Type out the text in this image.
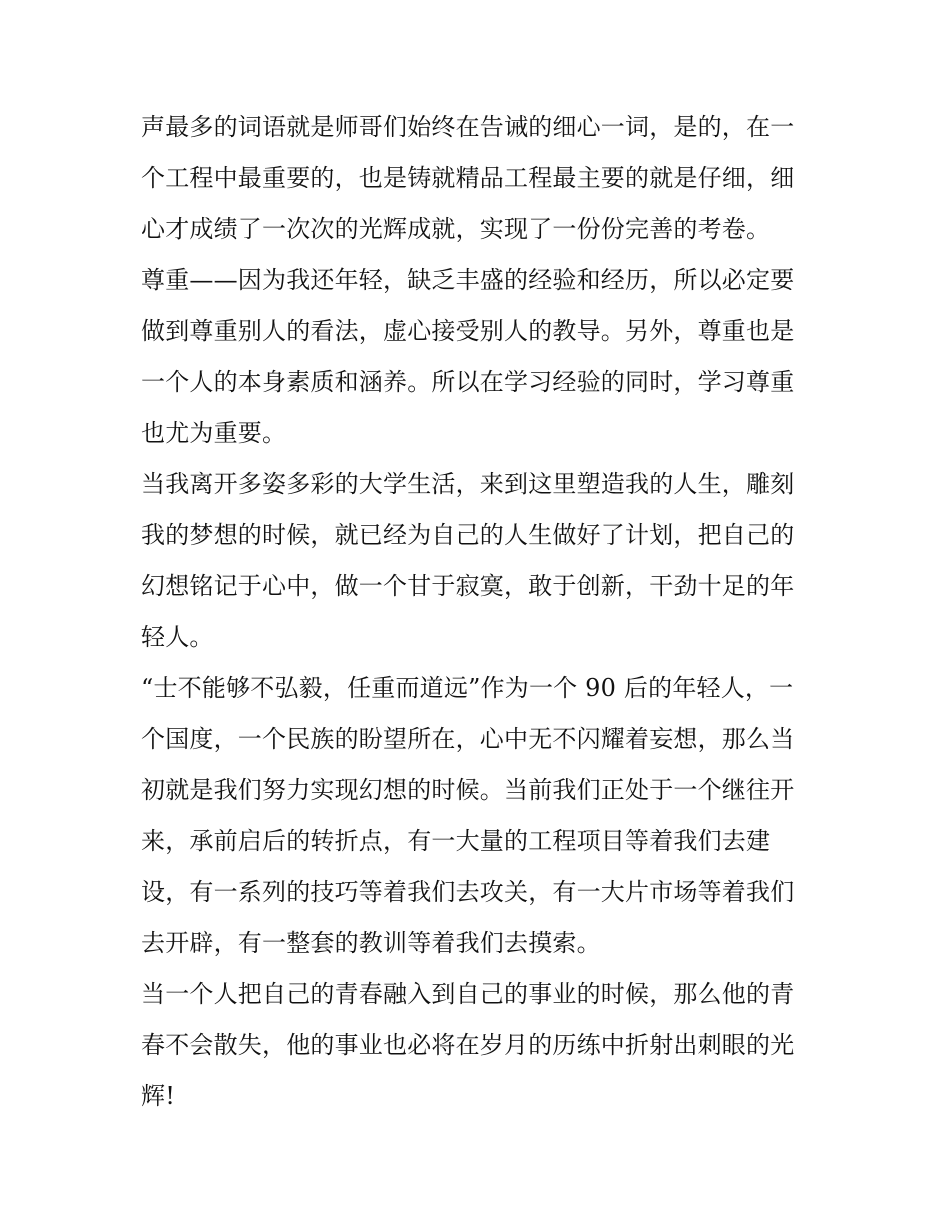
声最多的词语就是师哥们始终在告诫的细心一词，是的，在一
个工程中最重要的，也是铸就精品工程最主要的就是仔细，细
心才成绩了一次次的光辉成就，实现了一份份完善的考卷。
尊重——因为我还年轻，缺乏丰盛的经验和经历，所以必定要
做到尊重别人的看法，虚心接受别人的教导。另外，尊重也是
一个人的本身素质和涵养。所以在学习经验的同时，学习尊重
也尤为重要。
当我离开多姿多彩的大学生活，来到这里塑造我的人生，雕刻
我的梦想的时候，就已经为自己的人生做好了计划，把自己的
幻想铭记于心中，做一个甘于寂寞，敢于创新，干劲十足的年
轻人。
“士不能够不弘毅，任重而道远”作为一个 90 后的年轻人，一
个国度，一个民族的盼望所在，心中无不闪耀着妄想，那么当
初就是我们努力实现幻想的时候。当前我们正处于一个继往开
来，承前启后的转折点，有一大量的工程项目等着我们去建
设，有一系列的技巧等着我们去攻关，有一大片市场等着我们
去开辟，有一整套的教训等着我们去摸索。
当一个人把自己的青春融入到自己的事业的时候，那么他的青
春不会散失，他的事业也必将在岁月的历练中折射出刺眼的光
辉!
